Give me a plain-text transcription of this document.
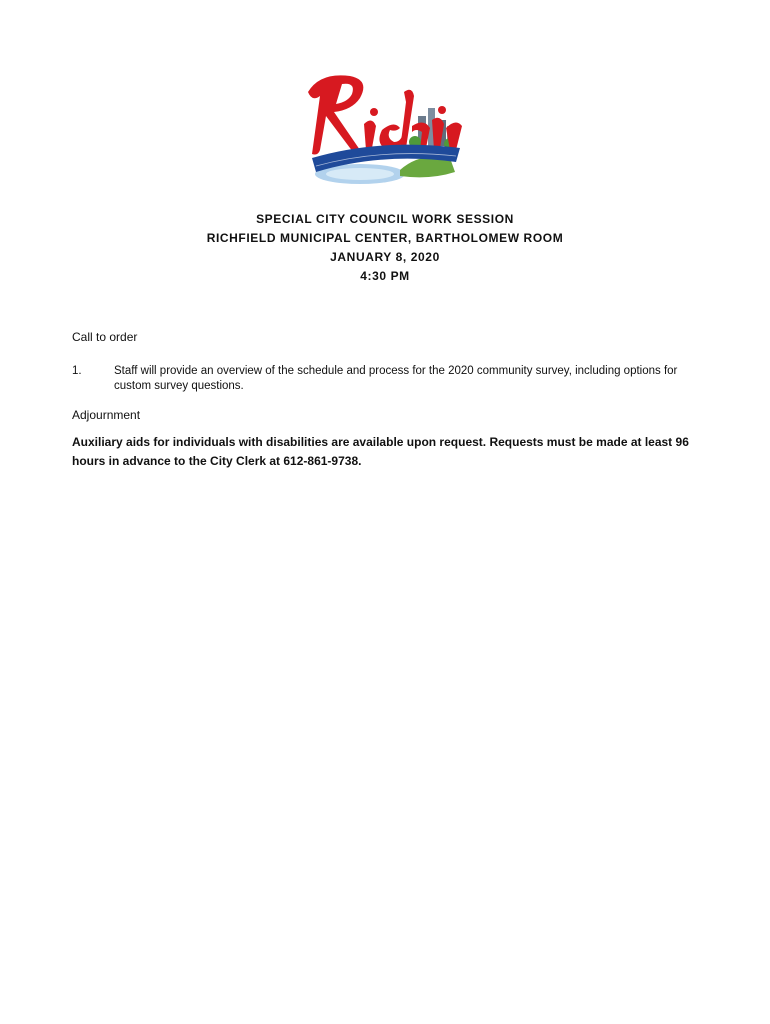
SPECIAL CITY COUNCIL WORK SESSION

RICHFIELD MUNICIPAL CENTER, BARTHOLOMEW ROOM

JANUARY 8, 2020

4:30 PM

Call to order

1.	Staff will provide an overview of the schedule and process for the 2020 community survey, including options for custom survey questions.

Adjournment

Auxiliary aids for individuals with disabilities are available upon request. Requests must be made at least 96 hours in advance to the City Clerk at 612-861-9738.
